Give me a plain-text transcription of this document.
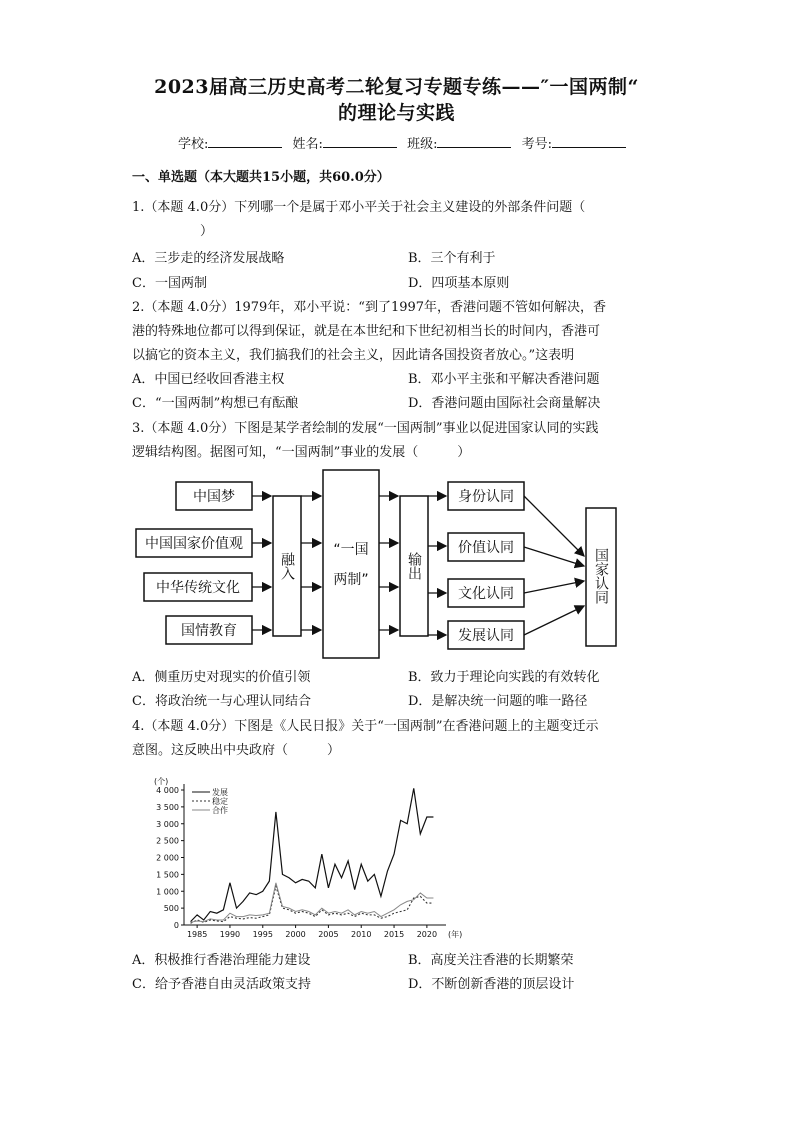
2023届高三历史高考二轮复习专题专练——″一国两制“
的理论与实践
学校:	姓名:	班级:	考号:
一、单选题（本大题共15小题，共60.0分）
1.（本题 4.0分）下列哪一个是属于邓小平关于社会主义建设的外部条件问题（
）
A．三步走的经济发展战略	B．三个有利于
C．一国两制	D．四项基本原则
2.（本题 4.0分）1979年，邓小平说：“到了1997年，香港问题不管如何解决，香
港的特殊地位都可以得到保证，就是在本世纪和下世纪初相当长的时间内，香港可
以搞它的资本主义，我们搞我们的社会主义，因此请各国投资者放心。”这表明
A．中国已经收回香港主权	B．邓小平主张和平解决香港问题
C．“一国两制”构想已有酝酿	D．香港问题由国际社会商量解决
3.（本题 4.0分）下图是某学者绘制的发展“一国两制”事业以促进国家认同的实践
逻辑结构图。据图可知，“一国两制”事业的发展（　　　）
中国梦
中国国家价值观
中华传统文化
国情教育
“一国
两制”
身份认同
价值认同
文化认同
发展认同
融入	输出	国家认同
A．侧重历史对现实的价值引领	B．致力于理论向实践的有效转化
C．将政治统一与心理认同结合	D．是解决统一问题的唯一路径
4.（本题 4.0分）下图是《人民日报》关于“一国两制”在香港问题上的主题变迁示
意图。这反映出中央政府（　　　）
0
500
1 000
1 500
2 000
2 500
3 000
3 500
4 000
1985 1990 1995 2000 2005 2010 2015 2020
(个)
(年)
发展
稳定
合作
A．积极推行香港治理能力建设	B．高度关注香港的长期繁荣
C．给予香港自由灵活政策支持	D．不断创新香港的顶层设计
